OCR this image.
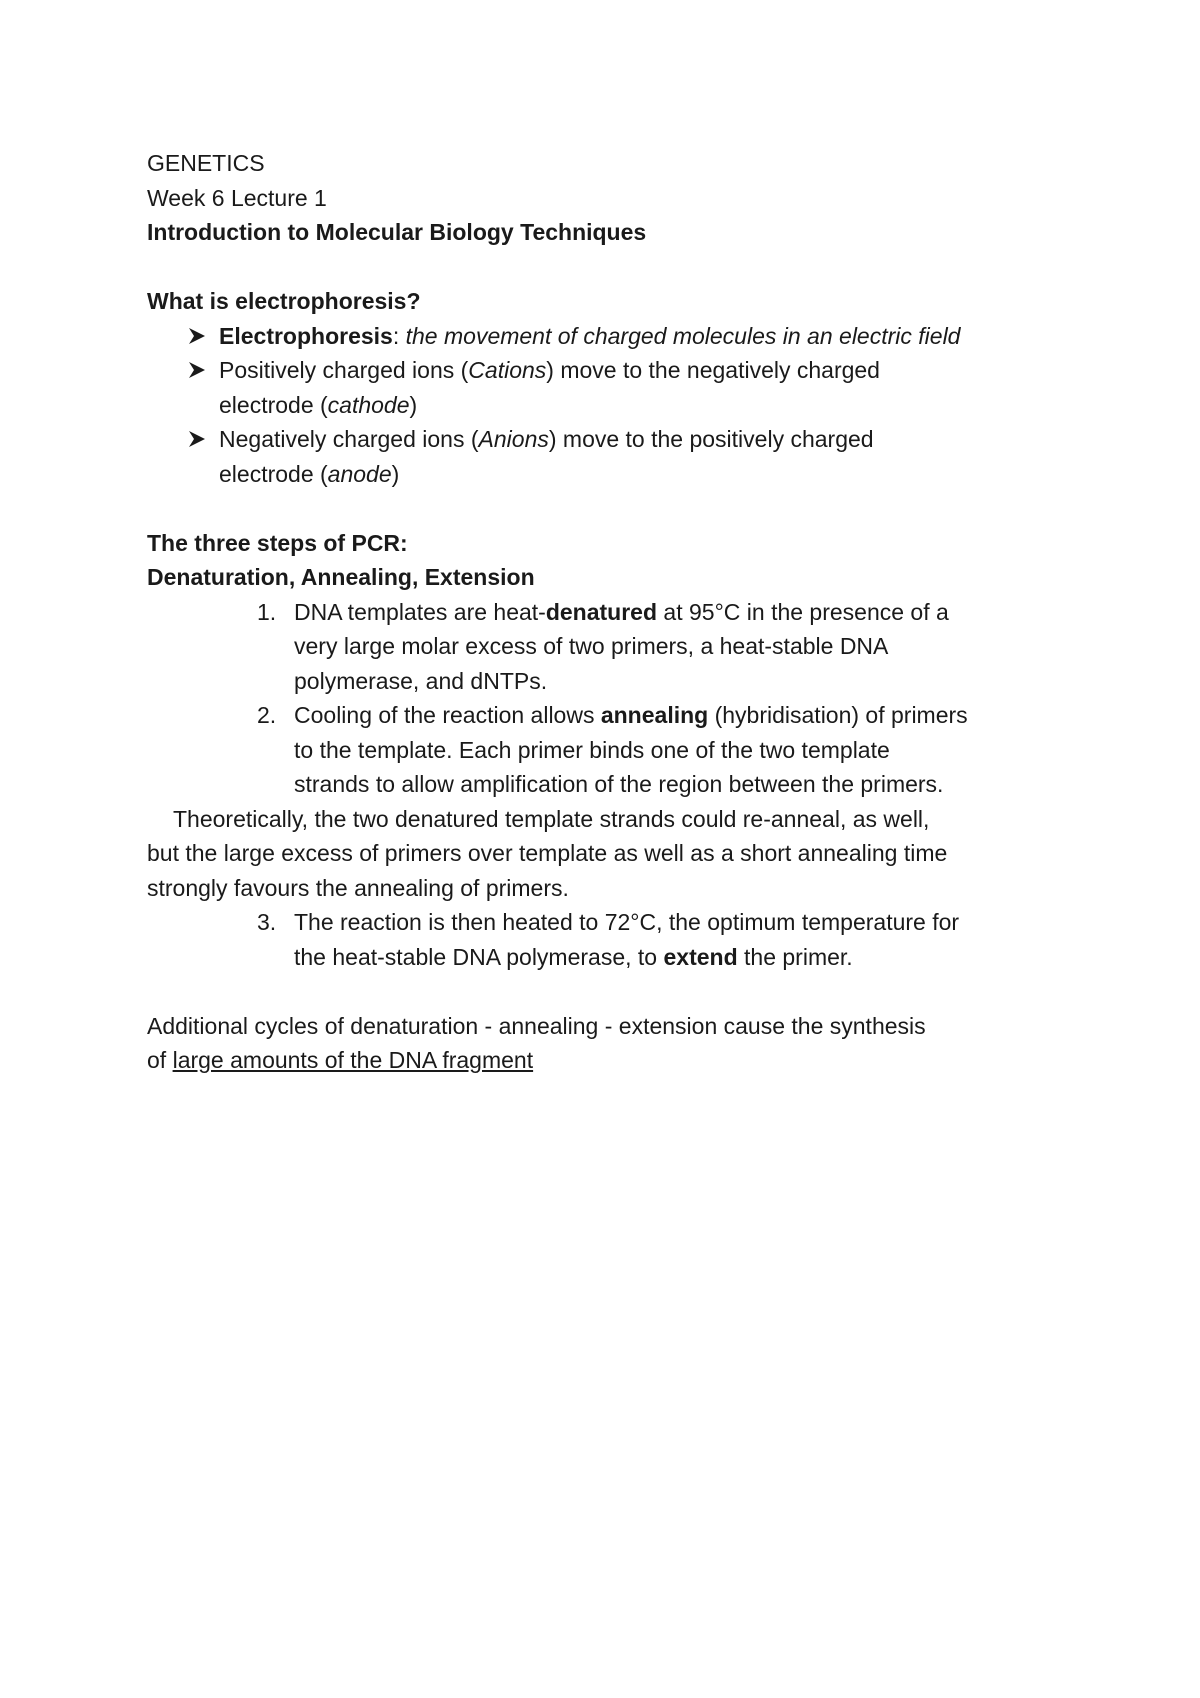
GENETICS

Week 6 Lecture 1

Introduction to Molecular Biology Techniques

What is electrophoresis?

Electrophoresis: the movement of charged molecules in an electric field

Positively charged ions (Cations) move to the negatively charged

electrode (cathode)

Negatively charged ions (Anions) move to the positively charged

electrode (anode)

The three steps of PCR:

Denaturation, Annealing, Extension

1. DNA templates are heat-denatured at 95°C in the presence of a

very large molar excess of two primers, a heat-stable DNA

polymerase, and dNTPs.

2. Cooling of the reaction allows annealing (hybridisation) of primers

to the template. Each primer binds one of the two template

strands to allow amplification of the region between the primers.

Theoretically, the two denatured template strands could re-anneal, as well,

but the large excess of primers over template as well as a short annealing time

strongly favours the annealing of primers.

3. The reaction is then heated to 72°C, the optimum temperature for

the heat-stable DNA polymerase, to extend the primer.

Additional cycles of denaturation - annealing - extension cause the synthesis

of large amounts of the DNA fragment
